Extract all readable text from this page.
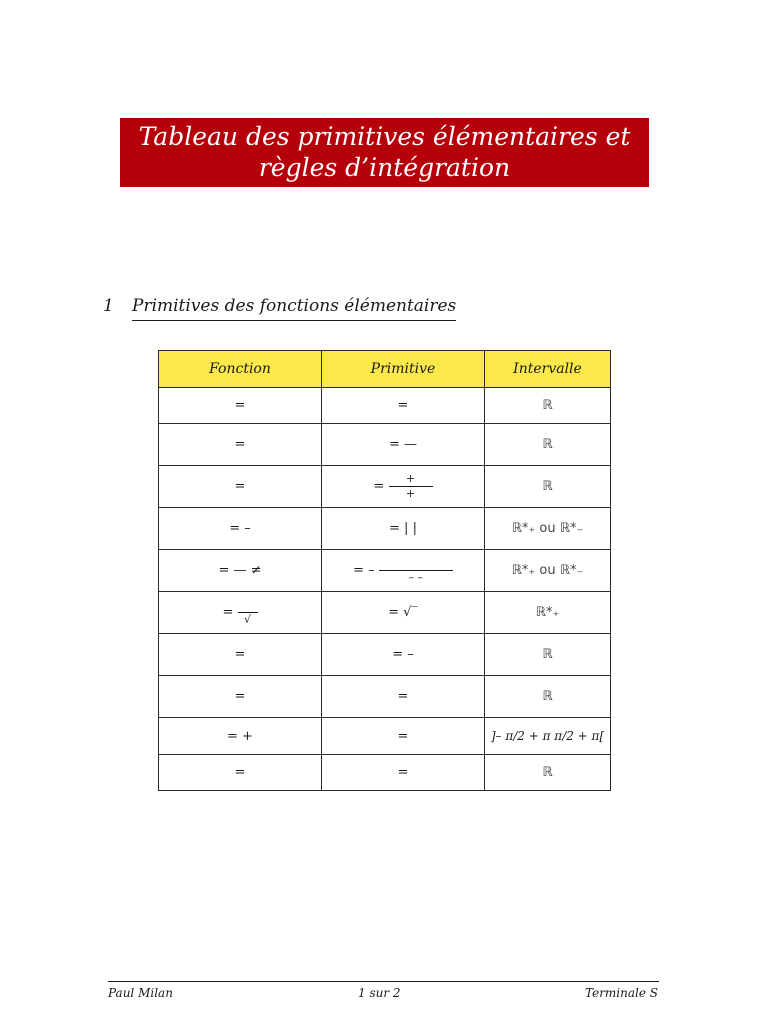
Tableau des primitives élémentaires et
règles d’intégration
1 Primitives des fonctions élémentaires
Fonction	Primitive	Intervalle
=	=	ℝ
=	= —	ℝ
=	= $\frac{+}{+}$	ℝ
= –	= | |	ℝ*₊ ou ℝ*₋
= — ≠	= – – –	ℝ*₊ ou ℝ*₋
= √	= √‾	ℝ*₊
=	= –	ℝ
=	=	ℝ
= +	=	]– π/2 + π π/2 + π[
=	=	ℝ
Paul Milan	1 sur 2	Terminale S
